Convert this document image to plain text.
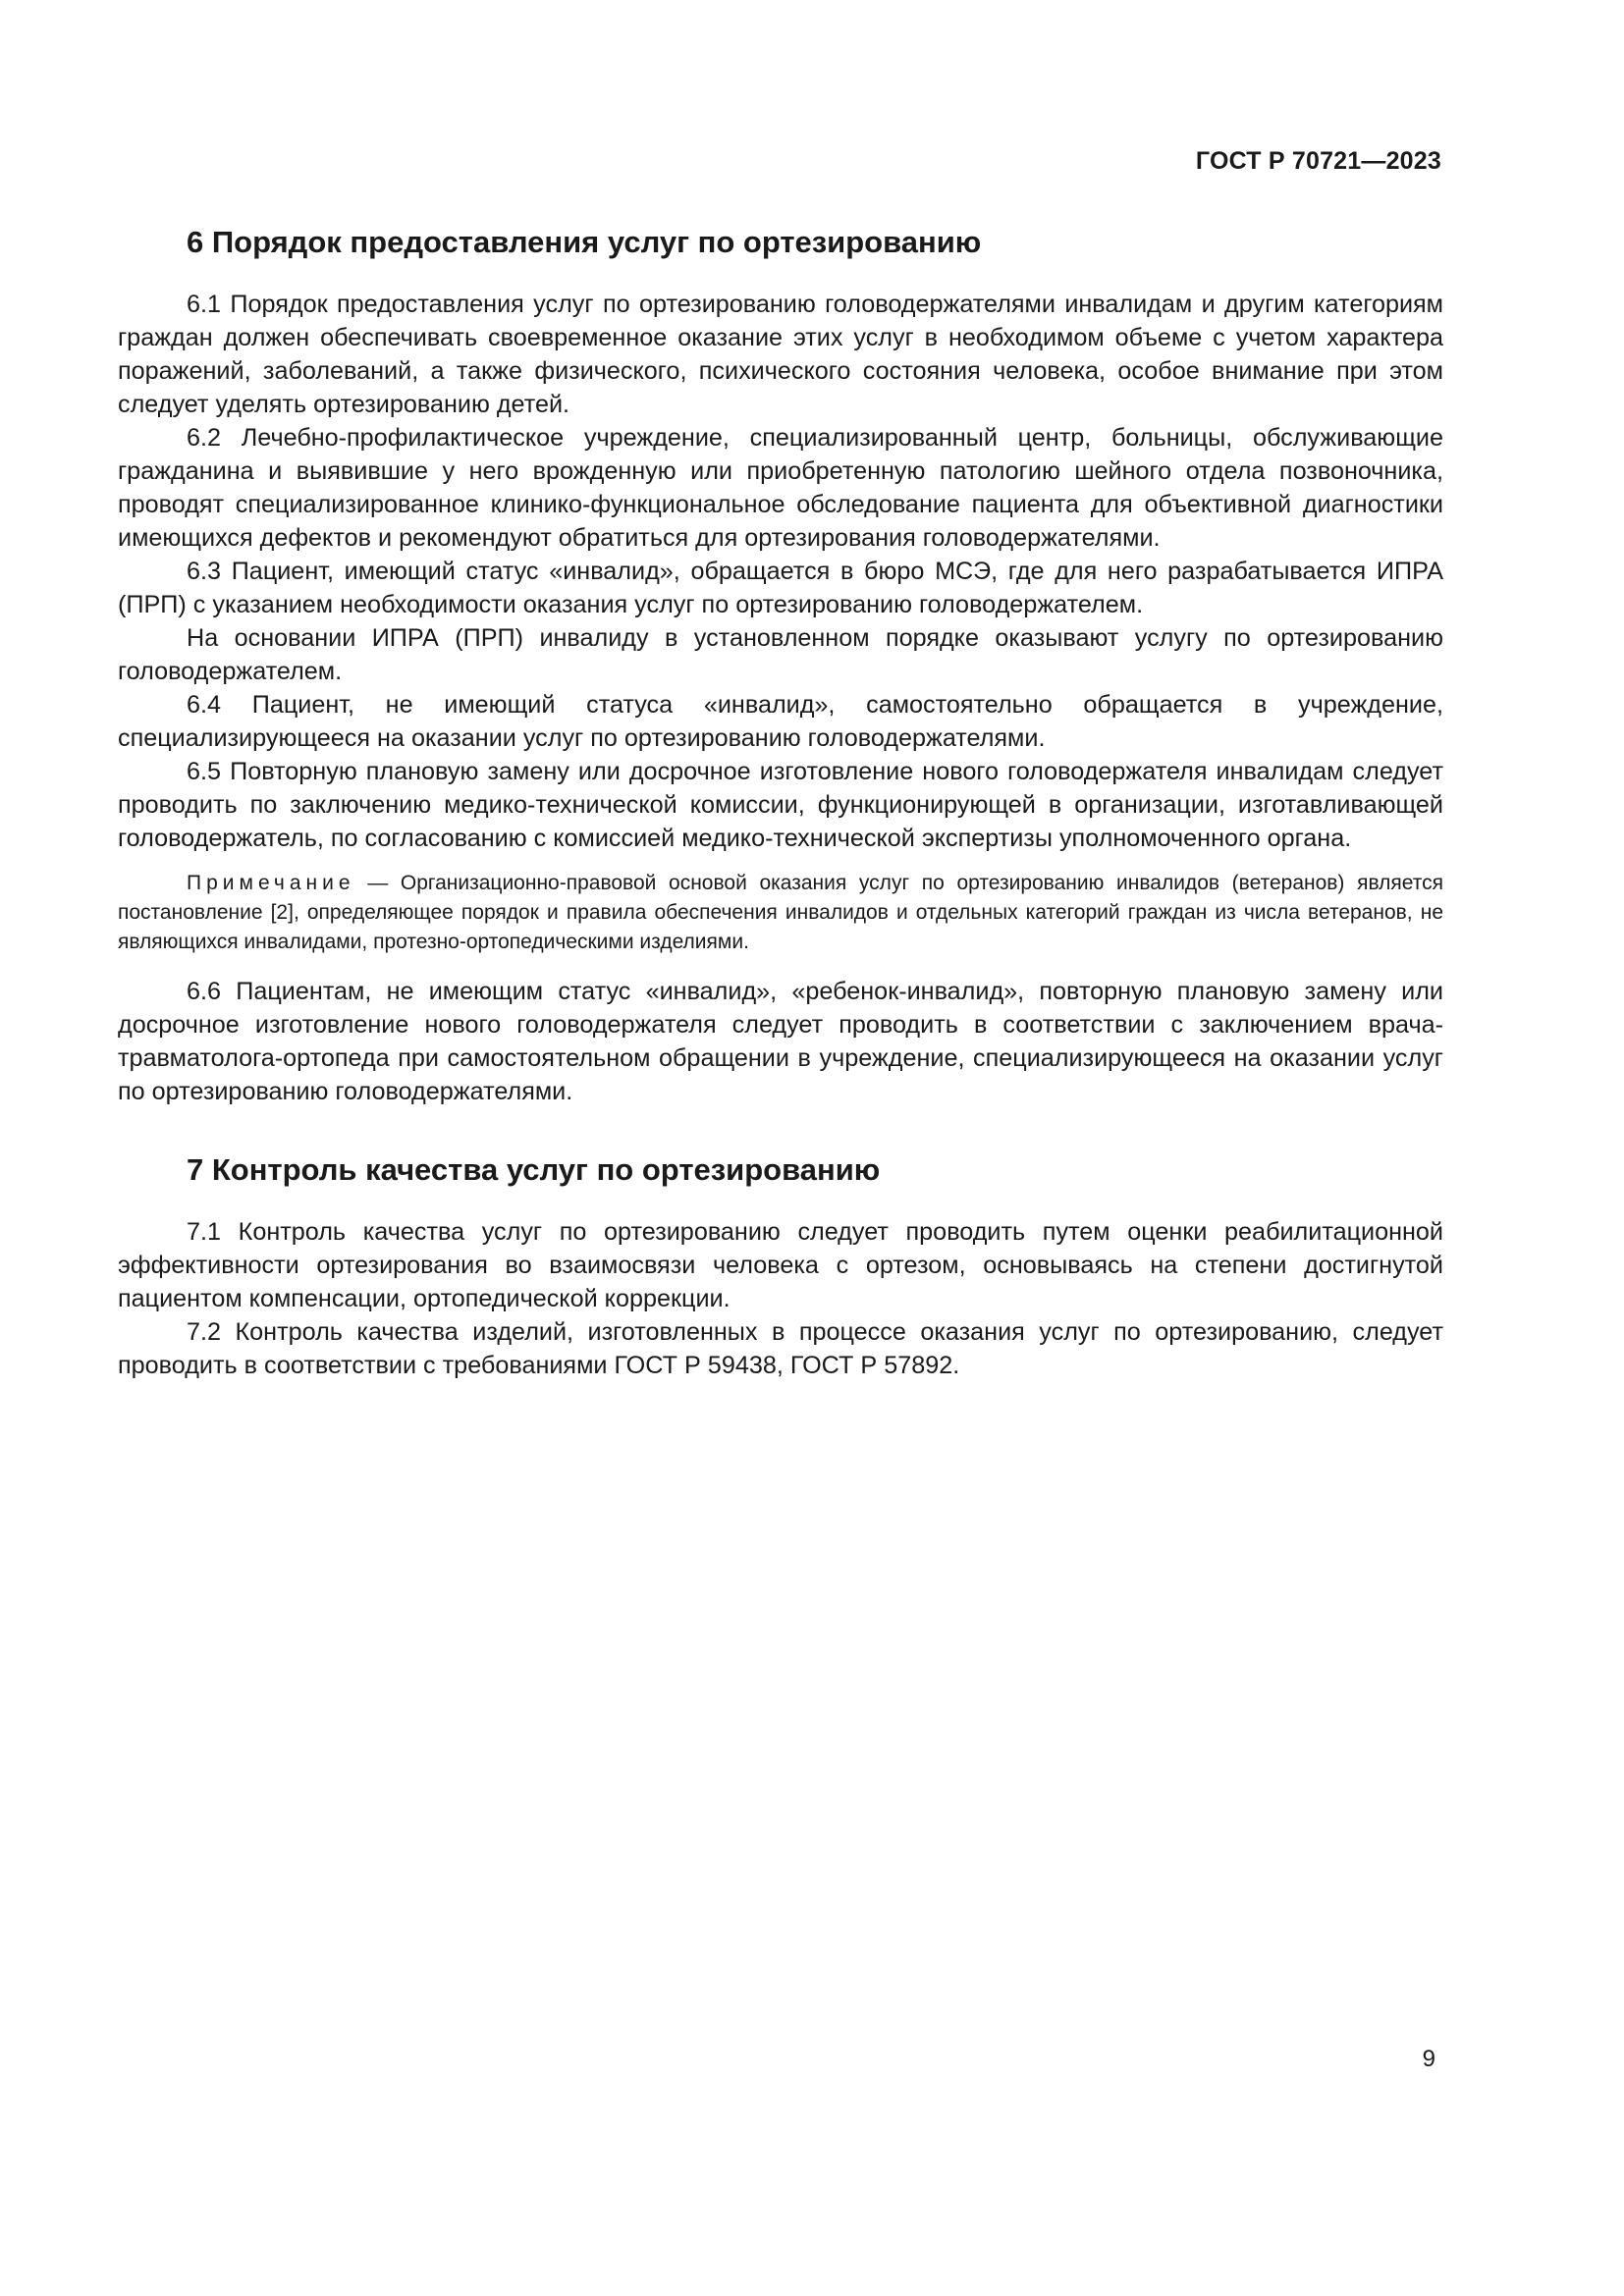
ГОСТ Р 70721—2023
6 Порядок предоставления услуг по ортезированию

6.1 Порядок предоставления услуг по ортезированию головодержателями инвалидам и другим категориям граждан должен обеспечивать своевременное оказание этих услуг в необходимом объеме с учетом характера поражений, заболеваний, а также физического, психического состояния человека, особое внимание при этом следует уделять ортезированию детей.

6.2 Лечебно-профилактическое учреждение, специализированный центр, больницы, обслуживающие гражданина и выявившие у него врожденную или приобретенную патологию шейного отдела позвоночника, проводят специализированное клинико-функциональное обследование пациента для объективной диагностики имеющихся дефектов и рекомендуют обратиться для ортезирования головодержателями.

6.3 Пациент, имеющий статус «инвалид», обращается в бюро МСЭ, где для него разрабатывается ИПРА (ПРП) с указанием необходимости оказания услуг по ортезированию головодержателем.

На основании ИПРА (ПРП) инвалиду в установленном порядке оказывают услугу по ортезированию головодержателем.

6.4 Пациент, не имеющий статуса «инвалид», самостоятельно обращается в учреждение, специализирующееся на оказании услуг по ортезированию головодержателями.

6.5 Повторную плановую замену или досрочное изготовление нового головодержателя инвалидам следует проводить по заключению медико-технической комиссии, функционирующей в организации, изготавливающей головодержатель, по согласованию с комиссией медико-технической экспертизы уполномоченного органа.

Примечание — Организационно-правовой основой оказания услуг по ортезированию инвалидов (ветеранов) является постановление [2], определяющее порядок и правила обеспечения инвалидов и отдельных категорий граждан из числа ветеранов, не являющихся инвалидами, протезно-ортопедическими изделиями.

6.6 Пациентам, не имеющим статус «инвалид», «ребенок-инвалид», повторную плановую замену или досрочное изготовление нового головодержателя следует проводить в соответствии с заключением врача-травматолога-ортопеда при самостоятельном обращении в учреждение, специализирующееся на оказании услуг по ортезированию головодержателями.

7 Контроль качества услуг по ортезированию

7.1 Контроль качества услуг по ортезированию следует проводить путем оценки реабилитационной эффективности ортезирования во взаимосвязи человека с ортезом, основываясь на степени достигнутой пациентом компенсации, ортопедической коррекции.

7.2 Контроль качества изделий, изготовленных в процессе оказания услуг по ортезированию, следует проводить в соответствии с требованиями ГОСТ Р 59438, ГОСТ Р 57892.

9
